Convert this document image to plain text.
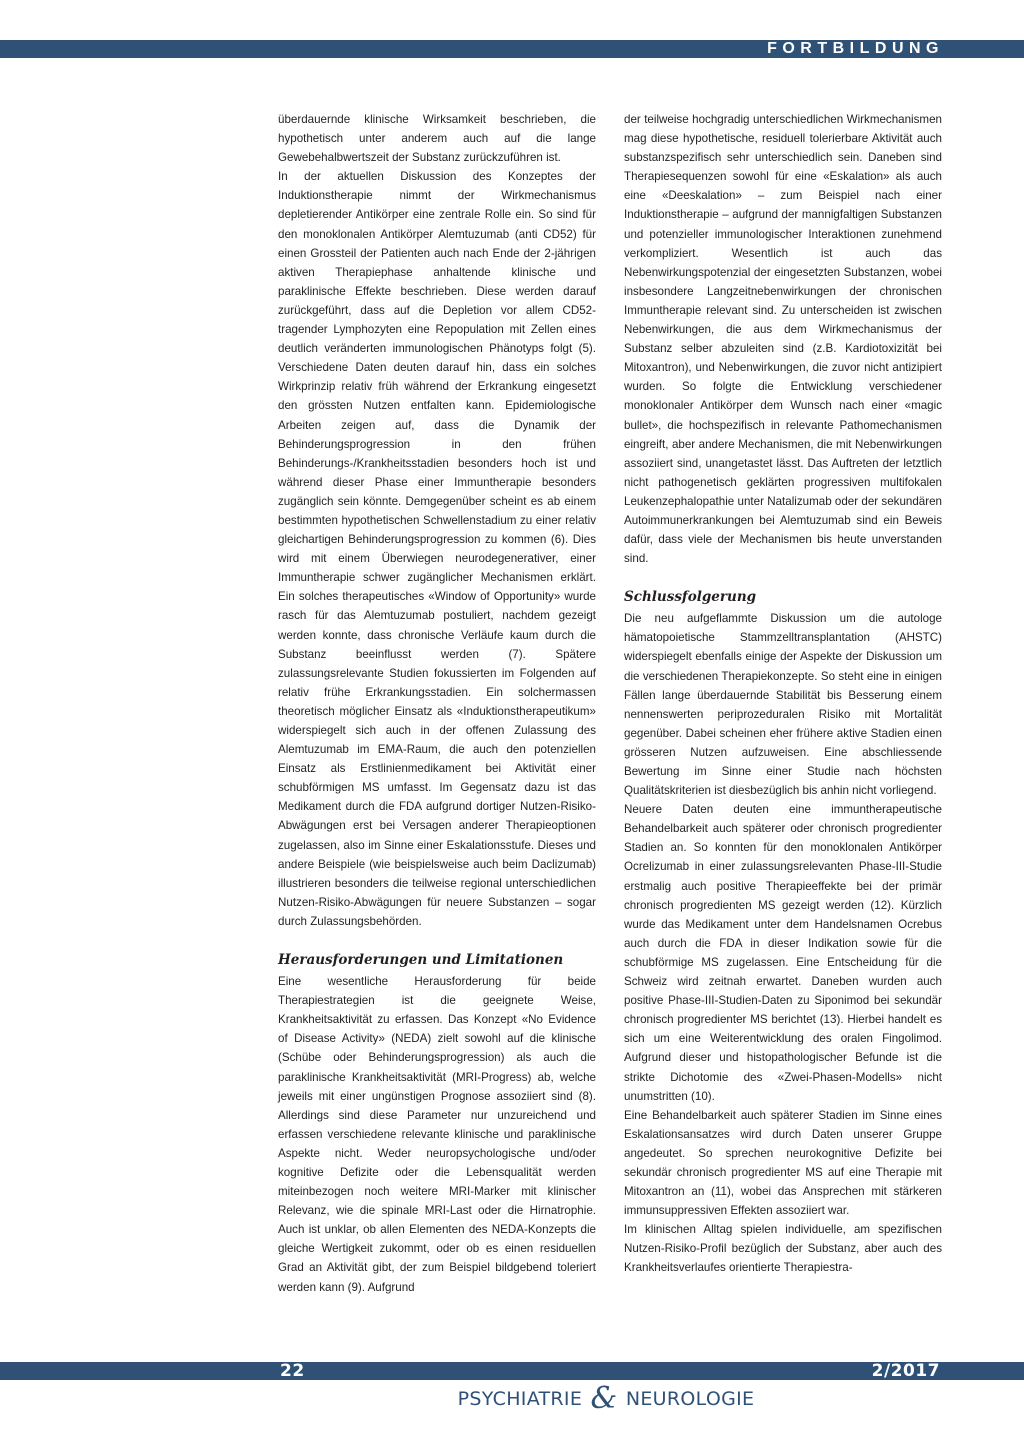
FORTBILDUNG

überdauernde klinische Wirksamkeit beschrieben, die hypothetisch unter anderem auch auf die lange Gewebehalbwertszeit der Substanz zurückzuführen ist.

In der aktuellen Diskussion des Konzeptes der Induktionstherapie nimmt der Wirkmechanismus depletierender Antikörper eine zentrale Rolle ein. So sind für den monoklonalen Antikörper Alemtuzumab (anti CD52) für einen Grossteil der Patienten auch nach Ende der 2-jährigen aktiven Therapiephase anhaltende klinische und paraklinische Effekte beschrieben. Diese werden darauf zurückgeführt, dass auf die Depletion vor allem CD52-tragender Lymphozyten eine Repopulation mit Zellen eines deutlich veränderten immunologischen Phänotyps folgt (5). Verschiedene Daten deuten darauf hin, dass ein solches Wirkprinzip relativ früh während der Erkrankung eingesetzt den grössten Nutzen entfalten kann. Epidemiologische Arbeiten zeigen auf, dass die Dynamik der Behinderungsprogression in den frühen Behinderungs-/Krankheitsstadien besonders hoch ist und während dieser Phase einer Immuntherapie besonders zugänglich sein könnte. Demgegenüber scheint es ab einem bestimmten hypothetischen Schwellenstadium zu einer relativ gleichartigen Behinderungsprogression zu kommen (6). Dies wird mit einem Überwiegen neurodegenerativer, einer Immuntherapie schwer zugänglicher Mechanismen erklärt. Ein solches therapeutisches «Window of Opportunity» wurde rasch für das Alemtuzumab postuliert, nachdem gezeigt werden konnte, dass chronische Verläufe kaum durch die Substanz beeinflusst werden (7). Spätere zulassungsrelevante Studien fokussierten im Folgenden auf relativ frühe Erkrankungsstadien. Ein solchermassen theoretisch möglicher Einsatz als «Induktionstherapeutikum» widerspiegelt sich auch in der offenen Zulassung des Alemtuzumab im EMA-Raum, die auch den potenziellen Einsatz als Erstlinienmedikament bei Aktivität einer schubförmigen MS umfasst. Im Gegensatz dazu ist das Medikament durch die FDA aufgrund dortiger Nutzen-Risiko-Abwägungen erst bei Versagen anderer Therapieoptionen zugelassen, also im Sinne einer Eskalationsstufe. Dieses und andere Beispiele (wie beispielsweise auch beim Daclizumab) illustrieren besonders die teilweise regional unterschiedlichen Nutzen-Risiko-Abwägungen für neuere Substanzen – sogar durch Zulassungsbehörden.

Herausforderungen und Limitationen

Eine wesentliche Herausforderung für beide Therapiestrategien ist die geeignete Weise, Krankheitsaktivität zu erfassen. Das Konzept «No Evidence of Disease Activity» (NEDA) zielt sowohl auf die klinische (Schübe oder Behinderungsprogression) als auch die paraklinische Krankheitsaktivität (MRI-Progress) ab, welche jeweils mit einer ungünstigen Prognose assoziiert sind (8). Allerdings sind diese Parameter nur unzureichend und erfassen verschiedene relevante klinische und paraklinische Aspekte nicht. Weder neuropsychologische und/oder kognitive Defizite oder die Lebensqualität werden miteinbezogen noch weitere MRI-Marker mit klinischer Relevanz, wie die spinale MRI-Last oder die Hirnatrophie. Auch ist unklar, ob allen Elementen des NEDA-Konzepts die gleiche Wertigkeit zukommt, oder ob es einen residuellen Grad an Aktivität gibt, der zum Beispiel bildgebend toleriert werden kann (9). Aufgrund

der teilweise hochgradig unterschiedlichen Wirkmechanismen mag diese hypothetische, residuell tolerierbare Aktivität auch substanzspezifisch sehr unterschiedlich sein. Daneben sind Therapiesequenzen sowohl für eine «Eskalation» als auch eine «Deeskalation» – zum Beispiel nach einer Induktionstherapie – aufgrund der mannigfaltigen Substanzen und potenzieller immunologischer Interaktionen zunehmend verkompliziert. Wesentlich ist auch das Nebenwirkungspotenzial der eingesetzten Substanzen, wobei insbesondere Langzeitnebenwirkungen der chronischen Immuntherapie relevant sind. Zu unterscheiden ist zwischen Nebenwirkungen, die aus dem Wirkmechanismus der Substanz selber abzuleiten sind (z.B. Kardiotoxizität bei Mitoxantron), und Nebenwirkungen, die zuvor nicht antizipiert wurden. So folgte die Entwicklung verschiedener monoklonaler Antikörper dem Wunsch nach einer «magic bullet», die hochspezifisch in relevante Pathomechanismen eingreift, aber andere Mechanismen, die mit Nebenwirkungen assoziiert sind, unangetastet lässt. Das Auftreten der letztlich nicht pathogenetisch geklärten progressiven multifokalen Leukenzephalopathie unter Natalizumab oder der sekundären Autoimmunerkrankungen bei Alemtuzumab sind ein Beweis dafür, dass viele der Mechanismen bis heute unverstanden sind.

Schlussfolgerung

Die neu aufgeflammte Diskussion um die autologe hämatopoietische Stammzelltransplantation (AHSTC) widerspiegelt ebenfalls einige der Aspekte der Diskussion um die verschiedenen Therapiekonzepte. So steht eine in einigen Fällen lange überdauernde Stabilität bis Besserung einem nennenswerten periprozeduralen Risiko mit Mortalität gegenüber. Dabei scheinen eher frühere aktive Stadien einen grösseren Nutzen aufzuweisen. Eine abschliessende Bewertung im Sinne einer Studie nach höchsten Qualitätskriterien ist diesbezüglich bis anhin nicht vorliegend.

Neuere Daten deuten eine immuntherapeutische Behandelbarkeit auch späterer oder chronisch progredienter Stadien an. So konnten für den monoklonalen Antikörper Ocrelizumab in einer zulassungsrelevanten Phase-III-Studie erstmalig auch positive Therapieeffekte bei der primär chronisch progredienten MS gezeigt werden (12). Kürzlich wurde das Medikament unter dem Handelsnamen Ocrebus auch durch die FDA in dieser Indikation sowie für die schubförmige MS zugelassen. Eine Entscheidung für die Schweiz wird zeitnah erwartet. Daneben wurden auch positive Phase-III-Studien-Daten zu Siponimod bei sekundär chronisch progredienter MS berichtet (13). Hierbei handelt es sich um eine Weiterentwicklung des oralen Fingolimod. Aufgrund dieser und histopathologischer Befunde ist die strikte Dichotomie des «Zwei-Phasen-Modells» nicht unumstritten (10).

Eine Behandelbarkeit auch späterer Stadien im Sinne eines Eskalationsansatzes wird durch Daten unserer Gruppe angedeutet. So sprechen neurokognitive Defizite bei sekundär chronisch progredienter MS auf eine Therapie mit Mitoxantron an (11), wobei das Ansprechen mit stärkeren immunsuppressiven Effekten assoziiert war.

Im klinischen Alltag spielen individuelle, am spezifischen Nutzen-Risiko-Profil bezüglich der Substanz, aber auch des Krankheitsverlaufes orientierte Therapiestra-

22	2/2017
PSYCHIATRIE & NEUROLOGIE
